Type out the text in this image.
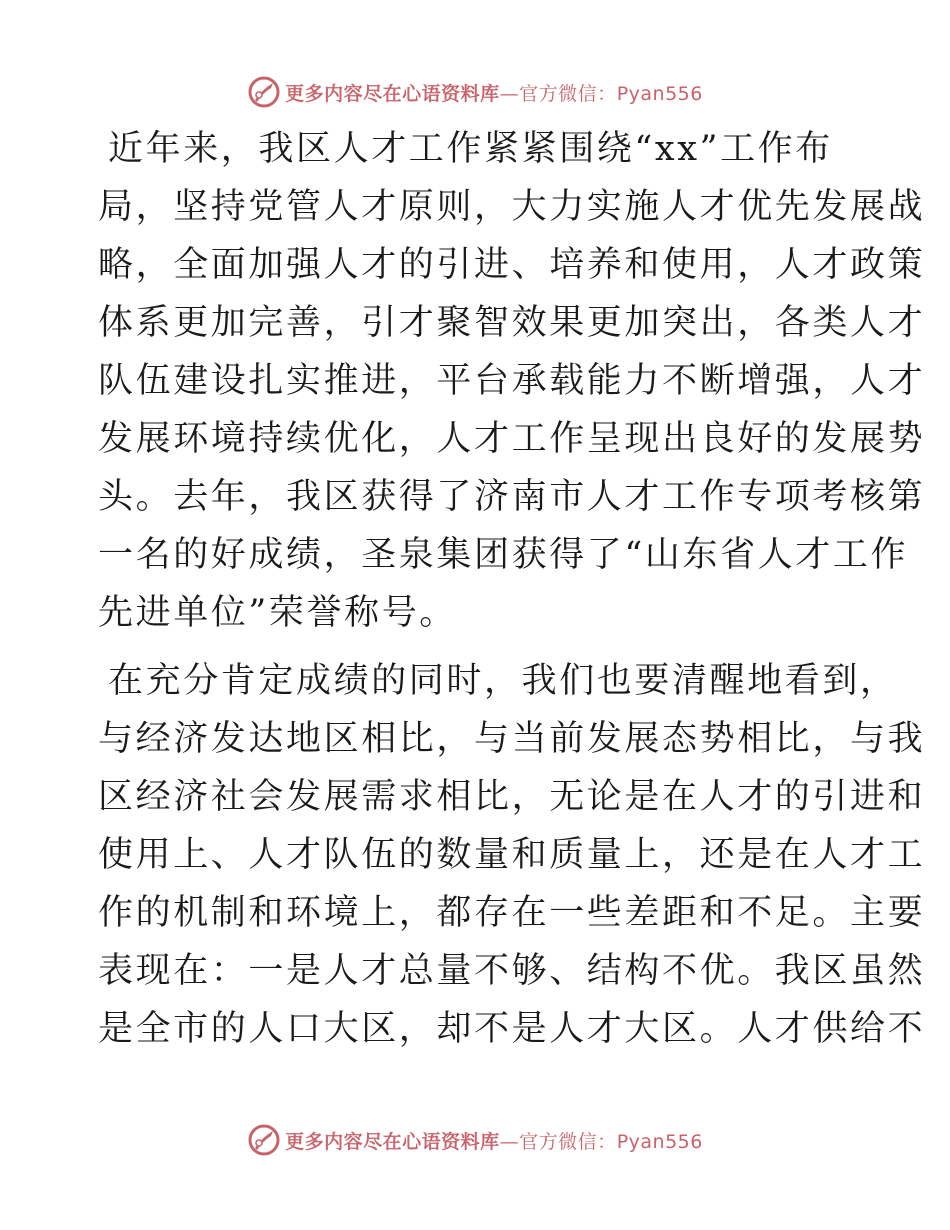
更多内容尽在心语资料库—官方微信：Pyan556
近年来，我区人才工作紧紧围绕“xx”工作布
局，坚持党管人才原则，大力实施人才优先发展战
略，全面加强人才的引进、培养和使用，人才政策
体系更加完善，引才聚智效果更加突出，各类人才
队伍建设扎实推进，平台承载能力不断增强，人才
发展环境持续优化，人才工作呈现出良好的发展势
头。去年，我区获得了济南市人才工作专项考核第
一名的好成绩，圣泉集团获得了“山东省人才工作
先进单位”荣誉称号。
在充分肯定成绩的同时，我们也要清醒地看到，
与经济发达地区相比，与当前发展态势相比，与我
区经济社会发展需求相比，无论是在人才的引进和
使用上、人才队伍的数量和质量上，还是在人才工
作的机制和环境上，都存在一些差距和不足。主要
表现在：一是人才总量不够、结构不优。我区虽然
是全市的人口大区，却不是人才大区。人才供给不
更多内容尽在心语资料库—官方微信：Pyan556
